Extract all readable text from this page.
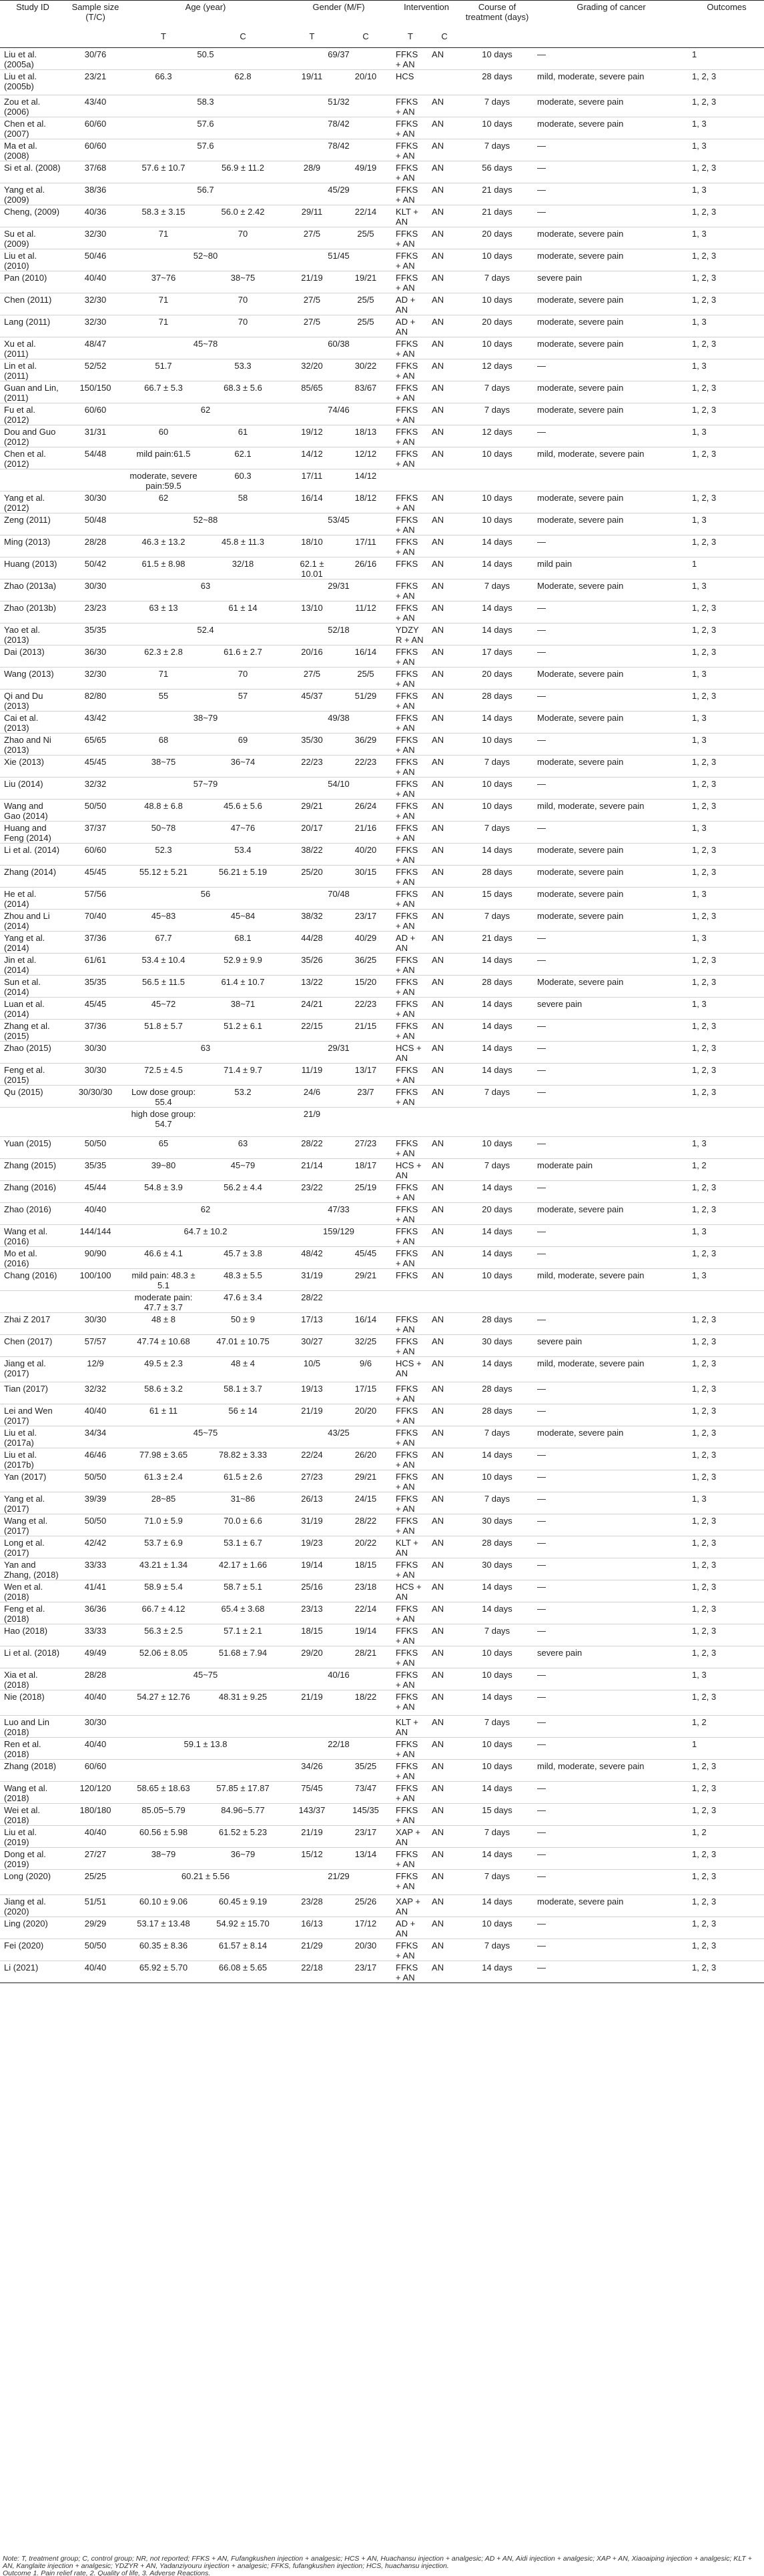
Study ID	Sample size (T/C)	Age (year)		Gender (M/F)		Intervention		Course of treatment (days)	Grading of cancer	Outcomes
		T	C	T	C	T	C			
Liu et al. (2005a)	30/76	50.5		69/37		FFKS + AN	AN	10 days	—	1
Liu et al. (2005b)	23/21	66.3	62.8	19/11	20/10	HCS		28 days	mild, moderate, severe pain	1, 2, 3
Zou et al. (2006)	43/40	58.3		51/32		FFKS + AN	AN	7 days	moderate, severe pain	1, 2, 3
Chen et al. (2007)	60/60	57.6		78/42		FFKS + AN	AN	10 days	moderate, severe pain	1, 3
Ma et al. (2008)	60/60	57.6		78/42		FFKS + AN	AN	7 days	—	1, 3
Si et al. (2008)	37/68	57.6 ± 10.7	56.9 ± 11.2	28/9	49/19	FFKS + AN	AN	56 days	—	1, 2, 3
Yang et al. (2009)	38/36	56.7		45/29		FFKS + AN	AN	21 days	—	1, 3
Cheng, (2009)	40/36	58.3 ± 3.15	56.0 ± 2.42	29/11	22/14	KLT + AN	AN	21 days	—	1, 2, 3
Su et al. (2009)	32/30	71	70	27/5	25/5	FFKS + AN	AN	20 days	moderate, severe pain	1, 3
Liu et al. (2010)	50/46	52~80		51/45		FFKS + AN	AN	10 days	moderate, severe pain	1, 2, 3
Pan (2010)	40/40	37~76	38~75	21/19	19/21	FFKS + AN	AN	7 days	severe pain	1, 2, 3
Chen (2011)	32/30	71	70	27/5	25/5	AD + AN	AN	10 days	moderate, severe pain	1, 2, 3
Lang (2011)	32/30	71	70	27/5	25/5	AD + AN	AN	20 days	moderate, severe pain	1, 3
Xu et al. (2011)	48/47	45~78		60/38		FFKS + AN	AN	10 days	moderate, severe pain	1, 2, 3
Lin et al. (2011)	52/52	51.7	53.3	32/20	30/22	FFKS + AN	AN	12 days	—	1, 3
Guan and Lin, (2011)	150/150	66.7 ± 5.3	68.3 ± 5.6	85/65	83/67	FFKS + AN	AN	7 days	moderate, severe pain	1, 2, 3
Fu et al. (2012)	60/60	62		74/46		FFKS + AN	AN	7 days	moderate, severe pain	1, 2, 3
Dou and Guo (2012)	31/31	60	61	19/12	18/13	FFKS + AN	AN	12 days	—	1, 3
Chen et al. (2012)	54/48	mild pain:61.5	62.1	14/12	12/12	FFKS + AN	AN	10 days	mild, moderate, severe pain	1, 2, 3
		moderate, severe pain:59.5	60.3	17/11	14/12					
Yang et al. (2012)	30/30	62	58	16/14	18/12	FFKS + AN	AN	10 days	moderate, severe pain	1, 2, 3
Zeng (2011)	50/48	52~88		53/45		FFKS + AN	AN	10 days	moderate, severe pain	1, 3
Ming (2013)	28/28	46.3 ± 13.2	45.8 ± 11.3	18/10	17/11	FFKS + AN	AN	14 days	—	1, 2, 3
Huang (2013)	50/42	61.5 ± 8.98	32/18	62.1 ± 10.01	26/16	FFKS	AN	14 days	mild pain	1
Zhao (2013a)	30/30	63		29/31		FFKS + AN	AN	7 days	Moderate, severe pain	1, 3
Zhao (2013b)	23/23	63 ± 13	61 ± 14	13/10	11/12	FFKS + AN	AN	14 days	—	1, 2, 3
Yao et al. (2013)	35/35	52.4		52/18		YDZYR + AN	AN	14 days	—	1, 2, 3
Dai (2013)	36/30	62.3 ± 2.8	61.6 ± 2.7	20/16	16/14	FFKS + AN	AN	17 days	—	1, 2, 3
Wang (2013)	32/30	71	70	27/5	25/5	FFKS + AN	AN	20 days	Moderate, severe pain	1, 3
Qi and Du (2013)	82/80	55	57	45/37	51/29	FFKS + AN	AN	28 days	—	1, 2, 3
Cai et al. (2013)	43/42	38~79		49/38		FFKS + AN	AN	14 days	Moderate, severe pain	1, 3
Zhao and Ni (2013)	65/65	68	69	35/30	36/29	FFKS + AN	AN	10 days	—	1, 3
Xie (2013)	45/45	38~75	36~74	22/23	22/23	FFKS + AN	AN	7 days	moderate, severe pain	1, 2, 3
Liu (2014)	32/32	57~79		54/10		FFKS + AN	AN	10 days	—	1, 2, 3
Wang and Gao (2014)	50/50	48.8 ± 6.8	45.6 ± 5.6	29/21	26/24	FFKS + AN	AN	10 days	mild, moderate, severe pain	1, 2, 3
Huang and Feng (2014)	37/37	50~78	47~76	20/17	21/16	FFKS + AN	AN	7 days	—	1, 3
Li et al. (2014)	60/60	52.3	53.4	38/22	40/20	FFKS + AN	AN	14 days	moderate, severe pain	1, 2, 3
Zhang (2014)	45/45	55.12 ± 5.21	56.21 ± 5.19	25/20	30/15	FFKS + AN	AN	28 days	moderate, severe pain	1, 2, 3
He et al. (2014)	57/56	56		70/48		FFKS + AN	AN	15 days	moderate, severe pain	1, 3
Zhou and Li (2014)	70/40	45~83	45~84	38/32	23/17	FFKS + AN	AN	7 days	moderate, severe pain	1, 2, 3
Yang et al. (2014)	37/36	67.7	68.1	44/28	40/29	AD + AN	AN	21 days	—	1, 3
Jin et al. (2014)	61/61	53.4 ± 10.4	52.9 ± 9.9	35/26	36/25	FFKS + AN	AN	14 days	—	1, 2, 3
Sun et al. (2014)	35/35	56.5 ± 11.5	61.4 ± 10.7	13/22	15/20	FFKS + AN	AN	28 days	Moderate, severe pain	1, 2, 3
Luan et al. (2014)	45/45	45~72	38~71	24/21	22/23	FFKS + AN	AN	14 days	severe pain	1, 3
Zhang et al. (2015)	37/36	51.8 ± 5.7	51.2 ± 6.1	22/15	21/15	FFKS + AN	AN	14 days	—	1, 2, 3
Zhao (2015)	30/30	63		29/31		HCS + AN	AN	14 days	—	1, 2, 3
Feng et al. (2015)	30/30	72.5 ± 4.5	71.4 ± 9.7	11/19	13/17	FFKS + AN	AN	14 days	—	1, 2, 3
Qu (2015)	30/30/30	Low dose group: 55.4	53.2	24/6	23/7	FFKS + AN	AN	7 days	—	1, 2, 3
		high dose group: 54.7		21/9						
Yuan (2015)	50/50	65	63	28/22	27/23	FFKS + AN	AN	10 days	—	1, 3
Zhang (2015)	35/35	39~80	45~79	21/14	18/17	HCS + AN	AN	7 days	moderate pain	1, 2
Zhang (2016)	45/44	54.8 ± 3.9	56.2 ± 4.4	23/22	25/19	FFKS + AN	AN	14 days	—	1, 2, 3
Zhao (2016)	40/40	62		47/33		FFKS + AN	AN	20 days	moderate, severe pain	1, 2, 3
Wang et al. (2016)	144/144	64.7 ± 10.2		159/129		FFKS + AN	AN	14 days	—	1, 3
Mo et al. (2016)	90/90	46.6 ± 4.1	45.7 ± 3.8	48/42	45/45	FFKS + AN	AN	14 days	—	1, 2, 3
Chang (2016)	100/100	mild pain: 48.3 ± 5.1	48.3 ± 5.5	31/19	29/21	FFKS	AN	10 days	mild, moderate, severe pain	1, 3
		moderate pain: 47.7 ± 3.7	47.6 ± 3.4	28/22						
Zhai Z 2017	30/30	48 ± 8	50 ± 9	17/13	16/14	FFKS + AN	AN	28 days	—	1, 2, 3
Chen (2017)	57/57	47.74 ± 10.68	47.01 ± 10.75	30/27	32/25	FFKS + AN	AN	30 days	severe pain	1, 2, 3
Jiang et al. (2017)	12/9	49.5 ± 2.3	48 ± 4	10/5	9/6	HCS + AN	AN	14 days	mild, moderate, severe pain	1, 2, 3
Tian (2017)	32/32	58.6 ± 3.2	58.1 ± 3.7	19/13	17/15	FFKS + AN	AN	28 days	—	1, 2, 3
Lei and Wen (2017)	40/40	61 ± 11	56 ± 14	21/19	20/20	FFKS + AN	AN	28 days	—	1, 2, 3
Liu et al. (2017a)	34/34	45~75		43/25		FFKS + AN	AN	7 days	moderate, severe pain	1, 2, 3
Liu et al. (2017b)	46/46	77.98 ± 3.65	78.82 ± 3.33	22/24	26/20	FFKS + AN	AN	14 days	—	1, 2, 3
Yan (2017)	50/50	61.3 ± 2.4	61.5 ± 2.6	27/23	29/21	FFKS + AN	AN	10 days	—	1, 2, 3
Yang et al. (2017)	39/39	28~85	31~86	26/13	24/15	FFKS + AN	AN	7 days	—	1, 3
Wang et al. (2017)	50/50	71.0 ± 5.9	70.0 ± 6.6	31/19	28/22	FFKS + AN	AN	30 days	—	1, 2, 3
Long et al. (2017)	42/42	53.7 ± 6.9	53.1 ± 6.7	19/23	20/22	KLT + AN	AN	28 days	—	1, 2, 3
Yan and Zhang, (2018)	33/33	43.21 ± 1.34	42.17 ± 1.66	19/14	18/15	FFKS + AN	AN	30 days	—	1, 2, 3
Wen et al. (2018)	41/41	58.9 ± 5.4	58.7 ± 5.1	25/16	23/18	HCS + AN	AN	14 days	—	1, 2, 3
Feng et al. (2018)	36/36	66.7 ± 4.12	65.4 ± 3.68	23/13	22/14	FFKS + AN	AN	14 days	—	1, 2, 3
Hao (2018)	33/33	56.3 ± 2.5	57.1 ± 2.1	18/15	19/14	FFKS + AN	AN	7 days	—	1, 2, 3
Li et al. (2018)	49/49	52.06 ± 8.05	51.68 ± 7.94	29/20	28/21	FFKS + AN	AN	10 days	severe pain	1, 2, 3
Xia et al. (2018)	28/28	45~75		40/16		FFKS + AN	AN	10 days	—	1, 3
Nie (2018)	40/40	54.27 ± 12.76	48.31 ± 9.25	21/19	18/22	FFKS + AN	AN	14 days	—	1, 2, 3
Luo and Lin (2018)	30/30					KLT + AN	AN	7 days	—	1, 2
Ren et al. (2018)	40/40	59.1 ± 13.8		22/18		FFKS + AN	AN	10 days	—	1
Zhang (2018)	60/60			34/26	35/25	FFKS + AN	AN	10 days	mild, moderate, severe pain	1, 2, 3
Wang et al. (2018)	120/120	58.65 ± 18.63	57.85 ± 17.87	75/45	73/47	FFKS + AN	AN	14 days	—	1, 2, 3
Wei et al. (2018)	180/180	85.05~5.79	84.96~5.77	143/37	145/35	FFKS + AN	AN	15 days	—	1, 2, 3
Liu et al. (2019)	40/40	60.56 ± 5.98	61.52 ± 5.23	21/19	23/17	XAP + AN	AN	7 days	—	1, 2
Dong et al. (2019)	27/27	38~79	36~79	15/12	13/14	FFKS + AN	AN	14 days	—	1, 2, 3
Long (2020)	25/25	60.21 ± 5.56		21/29		FFKS + AN	AN	7 days	—	1, 2, 3
Jiang et al. (2020)	51/51	60.10 ± 9.06	60.45 ± 9.19	23/28	25/26	XAP + AN	AN	14 days	moderate, severe pain	1, 2, 3
Ling (2020)	29/29	53.17 ± 13.48	54.92 ± 15.70	16/13	17/12	AD + AN	AN	10 days	—	1, 2, 3
Fei (2020)	50/50	60.35 ± 8.36	61.57 ± 8.14	21/29	20/30	FFKS + AN	AN	7 days	—	1, 2, 3
Li (2021)	40/40	65.92 ± 5.70	66.08 ± 5.65	22/18	23/17	FFKS + AN	AN	14 days	—	1, 2, 3

Note: T, treatment group; C, control group; NR, not reported; FFKS + AN, Fufangkushen injection + analgesic; HCS + AN, Huachansu injection + analgesic; AD + AN, Aidi injection + analgesic; XAP + AN, Xiaoaiping injection + analgesic; KLT + AN, Kanglaite injection + analgesic; YDZYR + AN, Yadanziyouru injection + analgesic; FFKS, fufangkushen injection; HCS, huachansu injection.

Outcome 1. Pain relief rate, 2. Quality of life, 3. Adverse Reactions.
